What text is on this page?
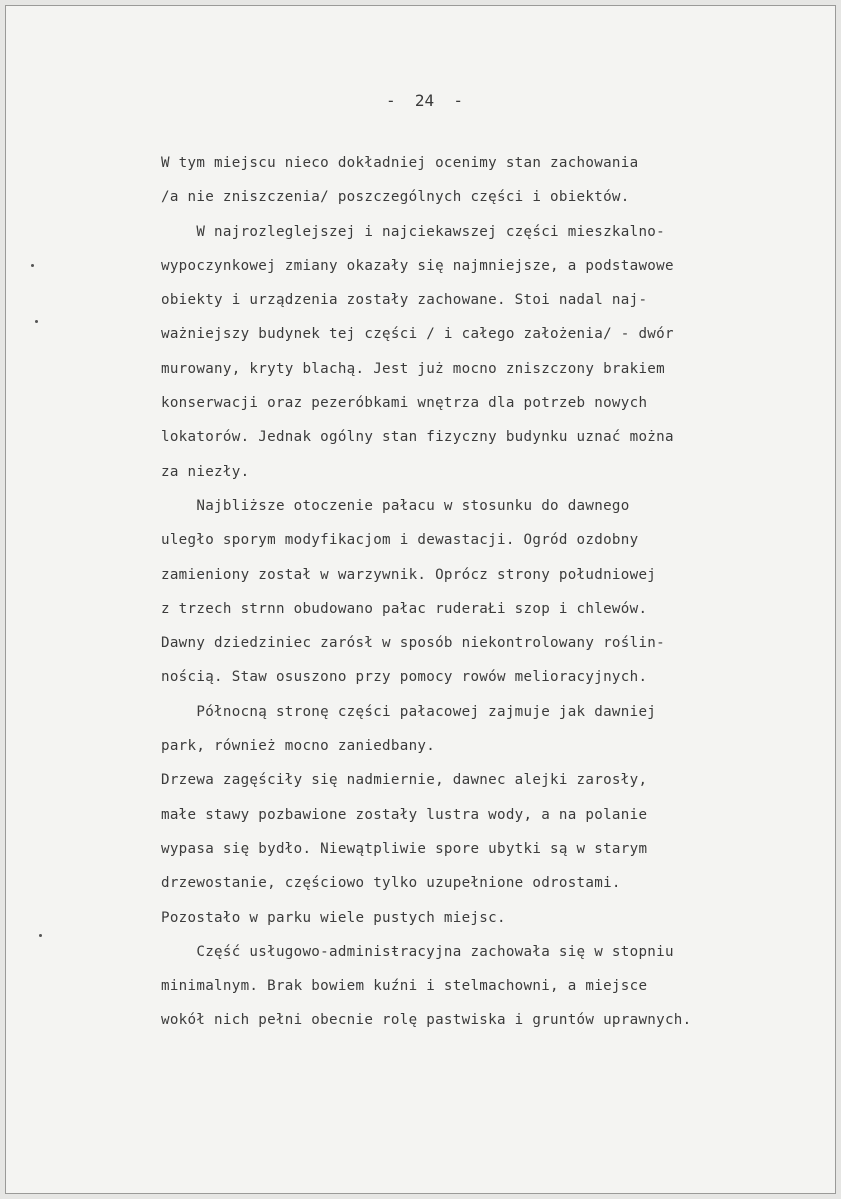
-  24  -
W tym miejscu nieco dokładniej ocenimy stan zachowania
/a nie zniszczenia/ poszczególnych części i obiektów.
W najrozleglejszej i najciekawszej części mieszkalno-
wypoczynkowej zmiany okazały się najmniejsze, a podstawowe
obiekty i urządzenia zostały zachowane. Stoi nadal naj-
ważniejszy budynek tej części / i całego założenia/ - dwór
murowany, kryty blachą. Jest już mocno zniszczony brakiem
konserwacji oraz pezeróbkami wnętrza dla potrzeb nowych
lokatorów. Jednak ogólny stan fizyczny budynku uznać można
za niezły.
Najbliższe otoczenie pałacu w stosunku do dawnego
uległo sporym modyfikacjom i dewastacji. Ogród ozdobny
zamieniony został w warzywnik. Oprócz strony południowej
z trzech strnn obudowano pałac ruderaŁi szop i chlewów.
Dawny dziedziniec zarósł w sposób niekontrolowany roślin-
nością. Staw osuszono przy pomocy rowów melioracyjnych.
Północną stronę części pałacowej zajmuje jak dawniej
park, również mocno zaniedbany.
Drzewa zagęściły się nadmiernie, dawnec alejki zarosły,
małe stawy pozbawione zostały lustra wody, a na polanie
wypasa się bydło. Niewątpliwie spore ubytki są w starym
drzewostanie, częściowo tylko uzupełnione odrostami.
Pozostało w parku wiele pustych miejsc.
Część usługowo-adminisŧracyjna zachowała się w stopniu
minimalnym. Brak bowiem kuźni i stelmachowni, a miejsce
wokół nich pełni obecnie rolę pastwiska i gruntów uprawnych.
